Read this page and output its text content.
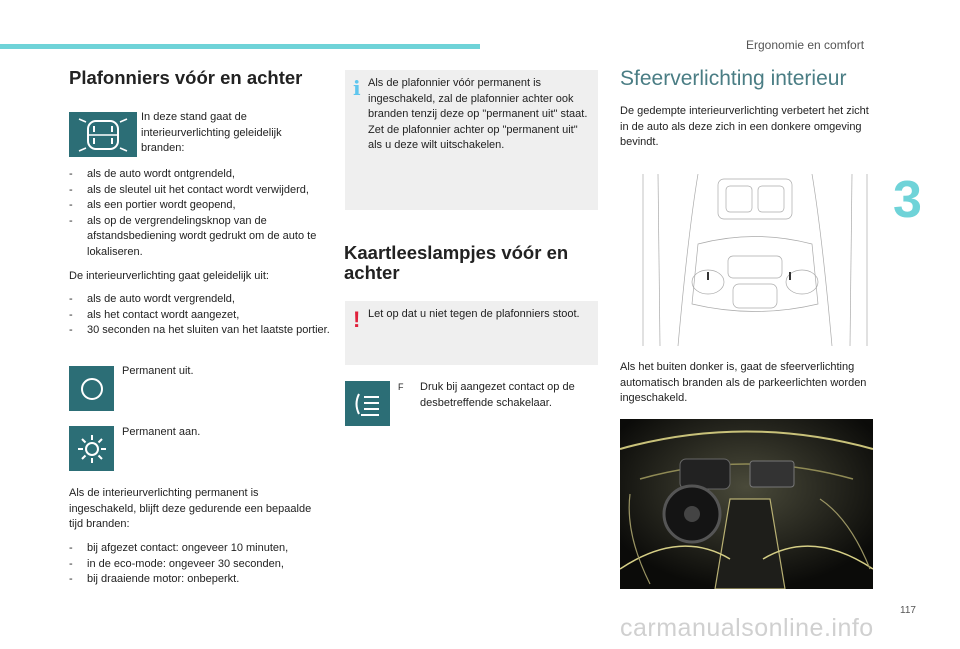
Ergonomie en comfort
3
117
carmanualsonline.info
Plafonniers vóór en achter
In deze stand gaat de interieurverlichting geleidelijk branden:
- als de auto wordt ontgrendeld,
- als de sleutel uit het contact wordt verwijderd,
- als een portier wordt geopend,
- als op de vergrendelingsknop van de afstandsbediening wordt gedrukt om de auto te lokaliseren.
De interieurverlichting gaat geleidelijk uit:
- als de auto wordt vergrendeld,
- als het contact wordt aangezet,
- 30 seconden na het sluiten van het laatste portier.
Permanent uit.
Permanent aan.
Als de interieurverlichting permanent is ingeschakeld, blijft deze gedurende een bepaalde tijd branden:
- bij afgezet contact: ongeveer 10 minuten,
- in de eco-mode: ongeveer 30 seconden,
- bij draaiende motor: onbeperkt.
i Als de plafonnier vóór permanent is ingeschakeld, zal de plafonnier achter ook branden tenzij deze op "permanent uit" staat.
Zet de plafonnier achter op "permanent uit" als u deze wilt uitschakelen.
Kaartleeslampjes vóór en achter
! Let op dat u niet tegen de plafonniers stoot.
F Druk bij aangezet contact op de desbetreffende schakelaar.
Sfeerverlichting interieur
De gedempte interieurverlichting verbetert het zicht in de auto als deze zich in een donkere omgeving bevindt.
Als het buiten donker is, gaat de sfeerverlichting automatisch branden als de parkeerlichten worden ingeschakeld.
